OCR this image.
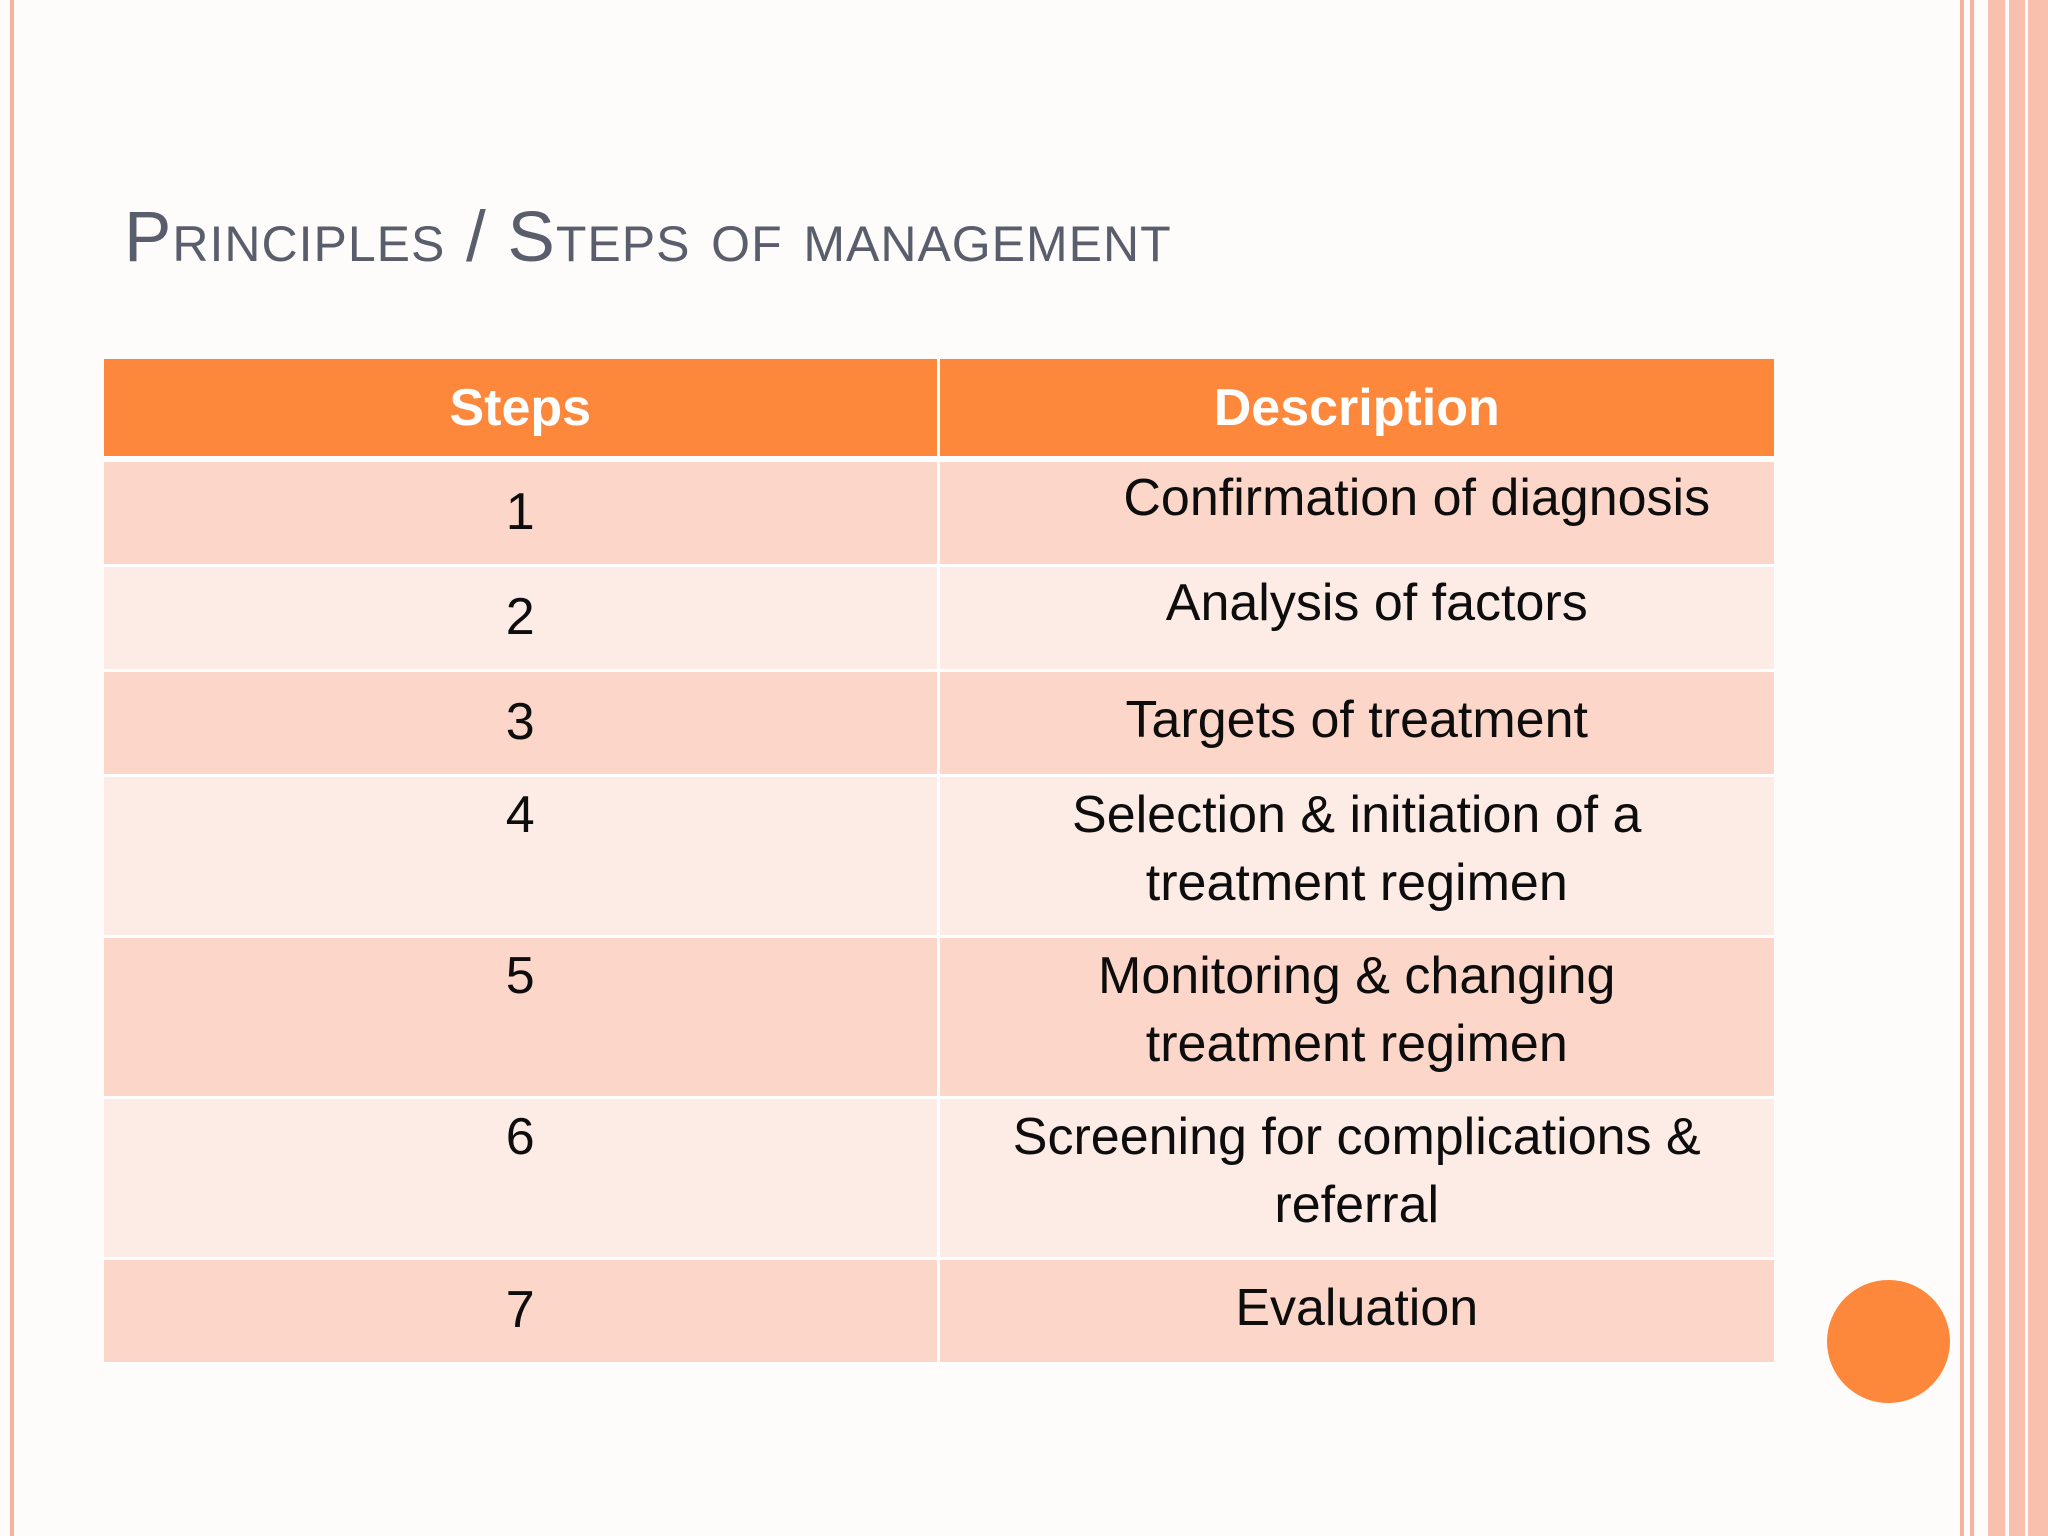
Principles / Steps of management
Steps	Description
1	Confirmation of diagnosis
2	Analysis of factors
3	Targets of treatment
4	Selection & initiation of a treatment regimen
5	Monitoring & changing treatment regimen
6	Screening for complications & referral
7	Evaluation
